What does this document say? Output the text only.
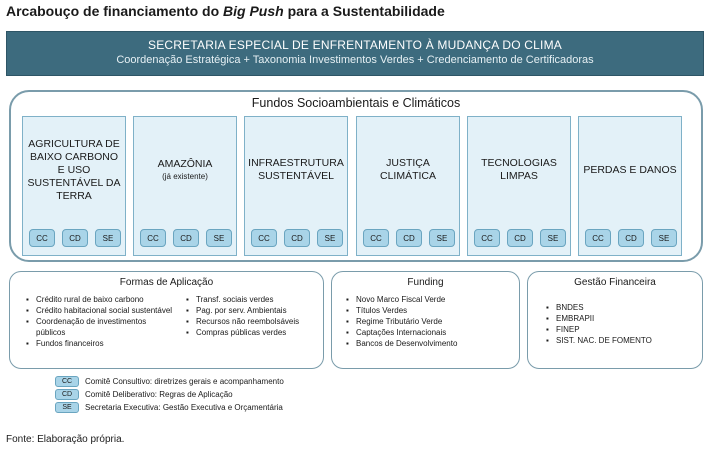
Arcabouço de financiamento do Big Push para a Sustentabilidade
SECRETARIA ESPECIAL DE ENFRENTAMENTO À MUDANÇA DO CLIMA
Coordenação Estratégica + Taxonomia Investimentos Verdes + Credenciamento de Certificadoras
Fundos Socioambientais e Climáticos
AGRICULTURA DE BAIXO CARBONO E USO SUSTENTÁVEL DA TERRA
CC	CD	SE
AMAZÔNIA
(já existente)
CC	CD	SE
INFRAESTRUTURA SUSTENTÁVEL
CC	CD	SE
JUSTIÇA CLIMÁTICA
CC	CD	SE
TECNOLOGIAS LIMPAS
CC	CD	SE
PERDAS E DANOS
CC	CD	SE
Formas de Aplicação
▪ Crédito rural de baixo carbono
▪ Crédito habitacional social sustentável
▪ Coordenação de investimentos públicos
▪ Fundos financeiros
▪ Transf. sociais verdes
▪ Pag. por serv. Ambientais
▪ Recursos não reembolsáveis
▪ Compras públicas verdes
Funding
▪ Novo Marco Fiscal Verde
▪ Títulos Verdes
▪ Regime Tributário Verde
▪ Captações Internacionais
▪ Bancos de Desenvolvimento
Gestão Financeira
▪ BNDES
▪ EMBRAPII
▪ FINEP
▪ SIST. NAC. DE FOMENTO
CC	Comitê Consultivo: diretrizes gerais e acompanhamento
CD	Comitê Deliberativo: Regras de Aplicação
SE	Secretaria Executiva: Gestão Executiva e Orçamentária
Fonte: Elaboração própria.
